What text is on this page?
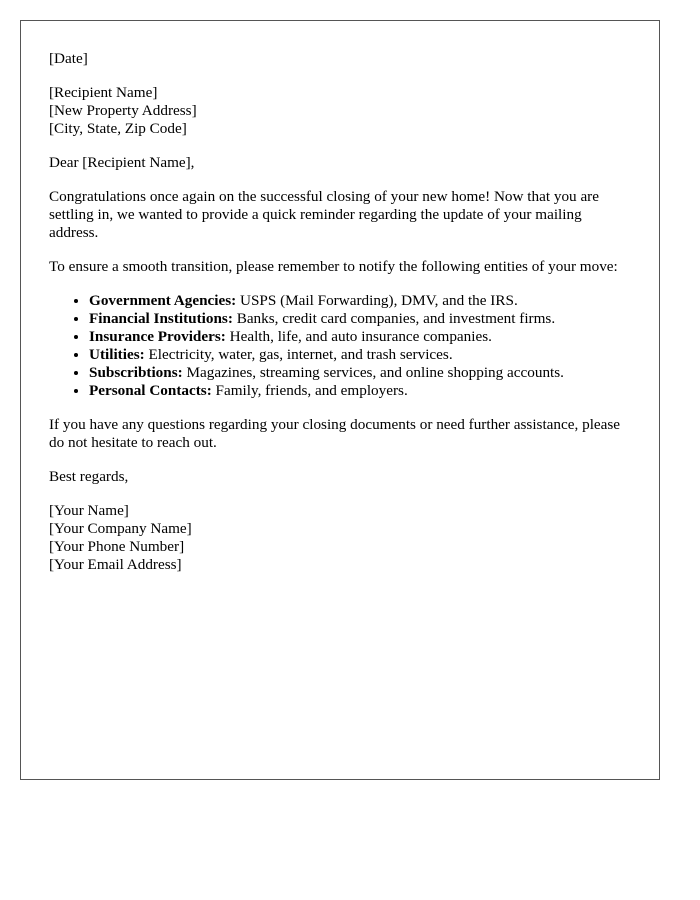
[Date]
[Recipient Name]
[New Property Address]
[City, State, Zip Code]

Dear [Recipient Name],

Congratulations once again on the successful closing of your new home! Now that you are settling in, we wanted to provide a quick reminder regarding the update of your mailing address.

To ensure a smooth transition, please remember to notify the following entities of your move:

• Government Agencies: USPS (Mail Forwarding), DMV, and the IRS.
• Financial Institutions: Banks, credit card companies, and investment firms.
• Insurance Providers: Health, life, and auto insurance companies.
• Utilities: Electricity, water, gas, internet, and trash services.
• Subscribtions: Magazines, streaming services, and online shopping accounts.
• Personal Contacts: Family, friends, and employers.

If you have any questions regarding your closing documents or need further assistance, please do not hesitate to reach out.

Best regards,

[Your Name]
[Your Company Name]
[Your Phone Number]
[Your Email Address]
